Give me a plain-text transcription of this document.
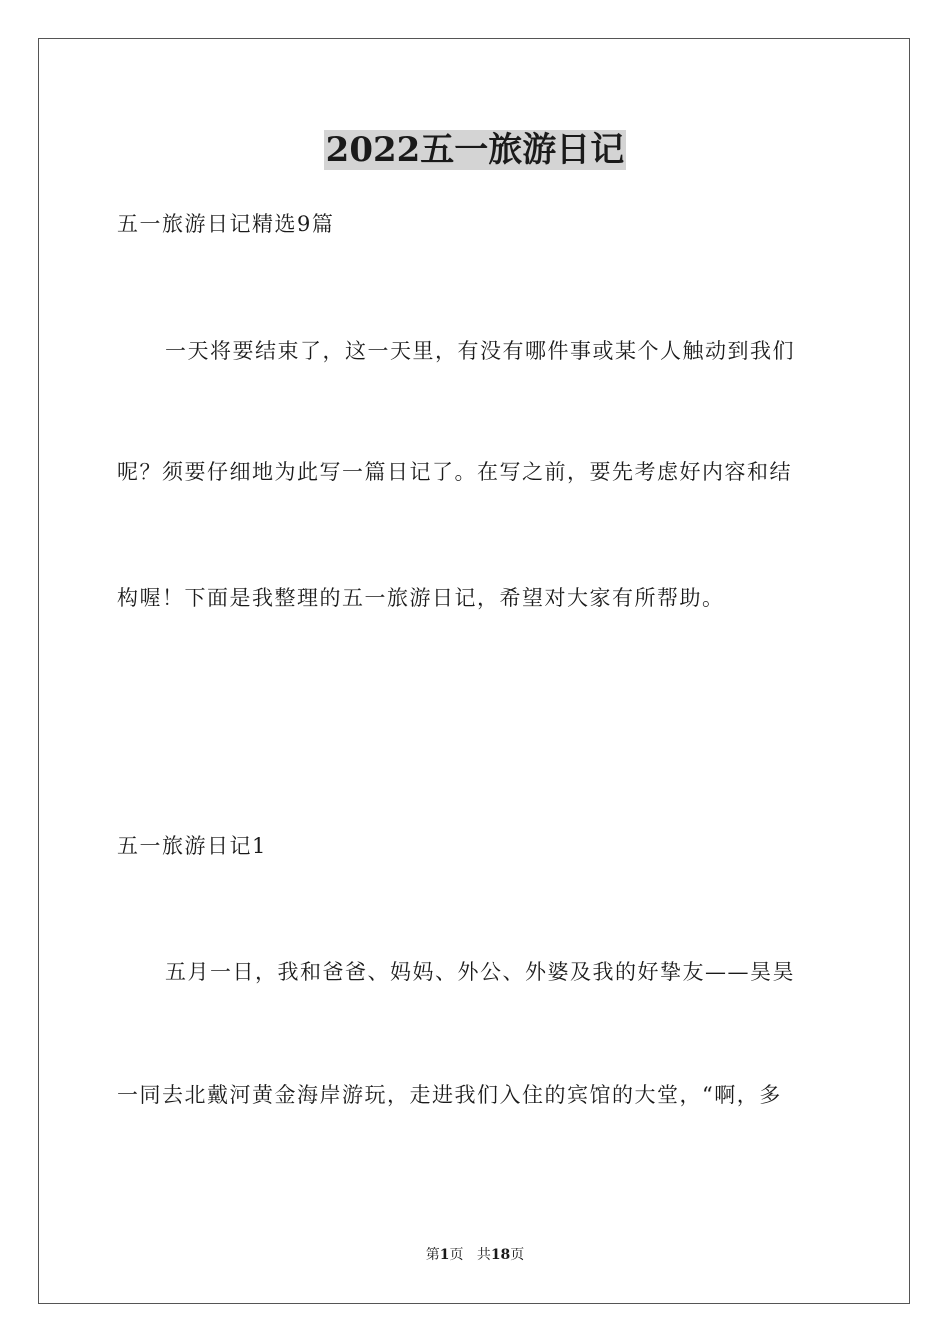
2022五一旅游日记

五一旅游日记精选9篇

一天将要结束了，这一天里，有没有哪件事或某个人触动到我们

呢？须要仔细地为此写一篇日记了。在写之前，要先考虑好内容和结

构喔！下面是我整理的五一旅游日记，希望对大家有所帮助。

五一旅游日记1

五月一日，我和爸爸、妈妈、外公、外婆及我的好挚友——昊昊

一同去北戴河黄金海岸游玩，走进我们入住的宾馆的大堂，“啊，多

第1页 共18页
